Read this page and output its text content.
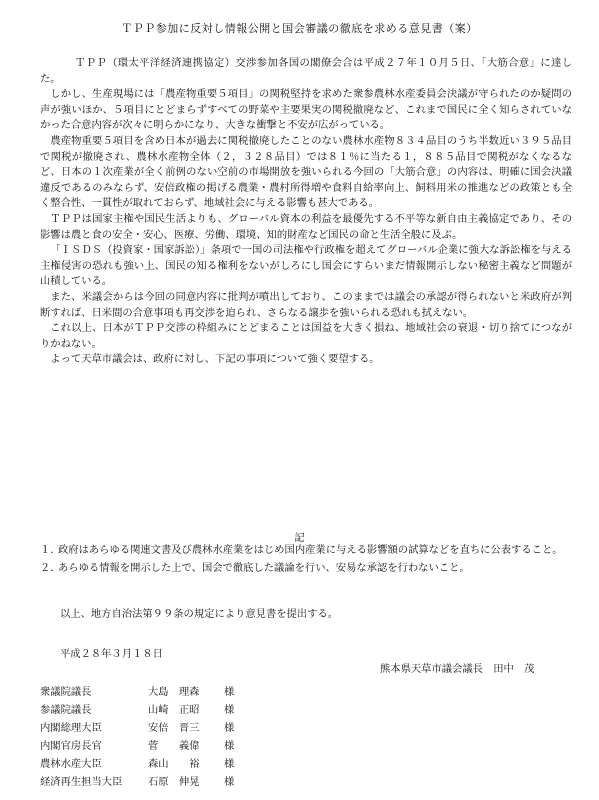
ＴＰＰ参加に反対し情報公開と国会審議の徹底を求める意見書（案）

ＴＰＰ（環太平洋経済連携協定）交渉参加各国の閣僚会合は平成２７年１０月５日、「大筋合意」に達した。

しかし、生産現場には「農産物重要５項目」の関税堅持を求めた衆参農林水産委員会決議が守られたのか疑問の声が強いほか、５項目にとどまらずすべての野菜や主要果実の関税撤廃など、これまで国民に全く知らされていなかった合意内容が次々に明らかになり、大きな衝撃と不安が広がっている。

農産物重要５項目を含め日本が過去に関税撤廃したことのない農林水産物８３４品目のうち半数近い３９５品目で関税が撤廃され、農林水産物全体（２，３２８品目）では８１％に当たる１，８８５品目で関税がなくなるなど、日本の１次産業が全く前例のない空前の市場開放を強いられる今回の「大筋合意」の内容は、明確に国会決議違反であるのみならず、安倍政権の掲げる農業・農村所得増や食料自給率向上、飼料用米の推進などの政策とも全く整合性、一貫性が取れておらず、地域社会に与える影響も甚大である。

ＴＰＰは国家主権や国民生活よりも、グローバル資本の利益を最優先する不平等な新自由主義協定であり、その影響は農と食の安全・安心、医療、労働、環境、知的財産など国民の命と生活全般に及ぶ。

「ＩＳＤＳ（投資家・国家訴訟）」条項で一国の司法権や行政権を超えてグローバル企業に強大な訴訟権を与える主権侵害の恐れも強い上、国民の知る権利をないがしろにし国会にすらいまだ情報開示しない秘密主義など問題が山積している。

また、米議会からは今回の同意内容に批判が噴出しており、このままでは議会の承認が得られないと米政府が判断すれば、日米間の合意事項も再交渉を迫られ、さらなる譲歩を強いられる恐れも拭えない。

これ以上、日本がＴＰＰ交渉の枠組みにとどまることは国益を大きく損ね、地域社会の衰退・切り捨てにつながりかねない。

よって天草市議会は、政府に対し、下記の事項について強く要望する。

記
１．
政府はあらゆる関連文書及び農林水産業をはじめ国内産業に与える影響額の試算などを直ちに公表すること。
２．
あらゆる情報を開示した上で、国会で徹底した議論を行い、安易な承認を行わないこと。
以上、地方自治法第９９条の規定により意見書を提出する。
平成２８年３月１８日
熊本県天草市議会議長　田中　茂
衆議院議長	大島　理森	様
参議院議長	山崎　正昭	様
内閣総理大臣	安倍　晋三	様
内閣官房長官	菅　　義偉	様
農林水産大臣	森山　　裕	様
経済再生担当大臣	石原　伸晃	様
